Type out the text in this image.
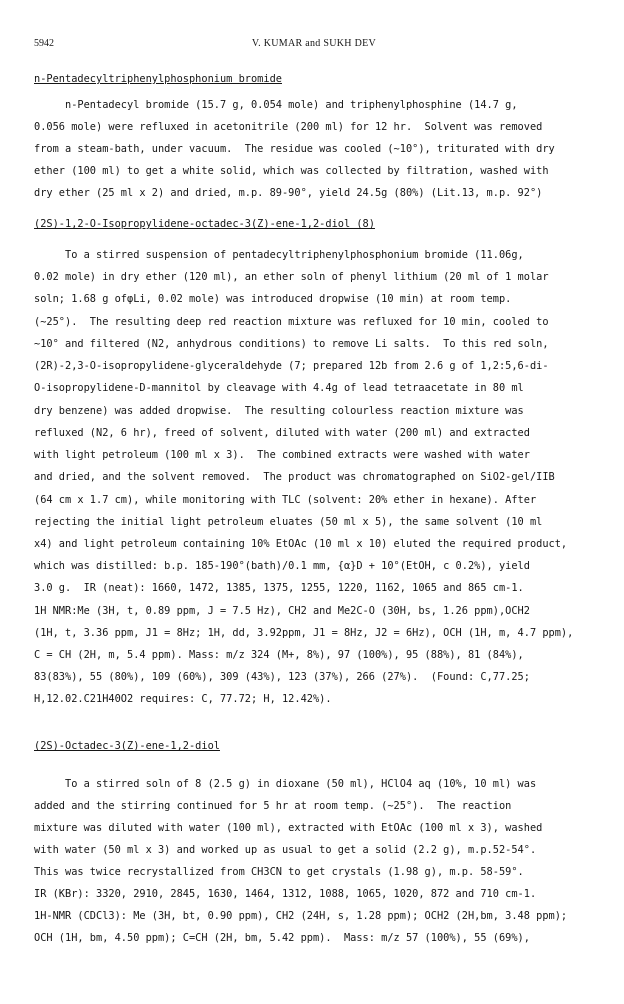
5942	V. KUMAR and SUKH DEV
n-Pentadecyltriphenylphosphonium bromide
n-Pentadecyl bromide (15.7 g, 0.054 mole) and triphenylphosphine (14.7 g,
0.056 mole) were refluxed in acetonitrile (200 ml) for 12 hr.  Solvent was removed
from a steam-bath, under vacuum.  The residue was cooled (~10°), triturated with dry
ether (100 ml) to get a white solid, which was collected by filtration, washed with
dry ether (25 ml x 2) and dried, m.p. 89-90°, yield 24.5g (80%) (Lit.13, m.p. 92°)
(2S)-1,2-O-Isopropylidene-octadec-3(Z)-ene-1,2-diol (8)
To a stirred suspension of pentadecyltriphenylphosphonium bromide (11.06g,
0.02 mole) in dry ether (120 ml), an ether soln of phenyl lithium (20 ml of 1 molar
soln; 1.68 g ofφLi, 0.02 mole) was introduced dropwise (10 min) at room temp.
(~25°).  The resulting deep red reaction mixture was refluxed for 10 min, cooled to
~10° and filtered (N2, anhydrous conditions) to remove Li salts.  To this red soln,
(2R)-2,3-O-isopropylidene-glyceraldehyde (7; prepared 12b from 2.6 g of 1,2:5,6-di-
O-isopropylidene-D-mannitol by cleavage with 4.4g of lead tetraacetate in 80 ml
dry benzene) was added dropwise.  The resulting colourless reaction mixture was
refluxed (N2, 6 hr), freed of solvent, diluted with water (200 ml) and extracted
with light petroleum (100 ml x 3).  The combined extracts were washed with water
and dried, and the solvent removed.  The product was chromatographed on SiO2-gel/IIB
(64 cm x 1.7 cm), while monitoring with TLC (solvent: 20% ether in hexane). After
rejecting the initial light petroleum eluates (50 ml x 5), the same solvent (10 ml
x4) and light petroleum containing 10% EtOAc (10 ml x 10) eluted the required product,
which was distilled: b.p. 185-190°(bath)/0.1 mm, {α}D + 10°(EtOH, c 0.2%), yield
3.0 g.  IR (neat): 1660, 1472, 1385, 1375, 1255, 1220, 1162, 1065 and 865 cm-1.
1H NMR:Me (3H, t, 0.89 ppm, J = 7.5 Hz), CH2 and Me2C-O (30H, bs, 1.26 ppm),OCH2
(1H, t, 3.36 ppm, J1 = 8Hz; 1H, dd, 3.92ppm, J1 = 8Hz, J2 = 6Hz), OCH (1H, m, 4.7 ppm),
C = CH (2H, m, 5.4 ppm). Mass: m/z 324 (M+, 8%), 97 (100%), 95 (88%), 81 (84%),
83(83%), 55 (80%), 109 (60%), 309 (43%), 123 (37%), 266 (27%).  (Found: C,77.25;
H,12.02.C21H40O2 requires: C, 77.72; H, 12.42%).
(2S)-Octadec-3(Z)-ene-1,2-diol
To a stirred soln of 8 (2.5 g) in dioxane (50 ml), HClO4 aq (10%, 10 ml) was
added and the stirring continued for 5 hr at room temp. (~25°).  The reaction
mixture was diluted with water (100 ml), extracted with EtOAc (100 ml x 3), washed
with water (50 ml x 3) and worked up as usual to get a solid (2.2 g), m.p.52-54°.
This was twice recrystallized from CH3CN to get crystals (1.98 g), m.p. 58-59°.
IR (KBr): 3320, 2910, 2845, 1630, 1464, 1312, 1088, 1065, 1020, 872 and 710 cm-1.
1H-NMR (CDCl3): Me (3H, bt, 0.90 ppm), CH2 (24H, s, 1.28 ppm); OCH2 (2H,bm, 3.48 ppm);
OCH (1H, bm, 4.50 ppm); C=CH (2H, bm, 5.42 ppm).  Mass: m/z 57 (100%), 55 (69%),
